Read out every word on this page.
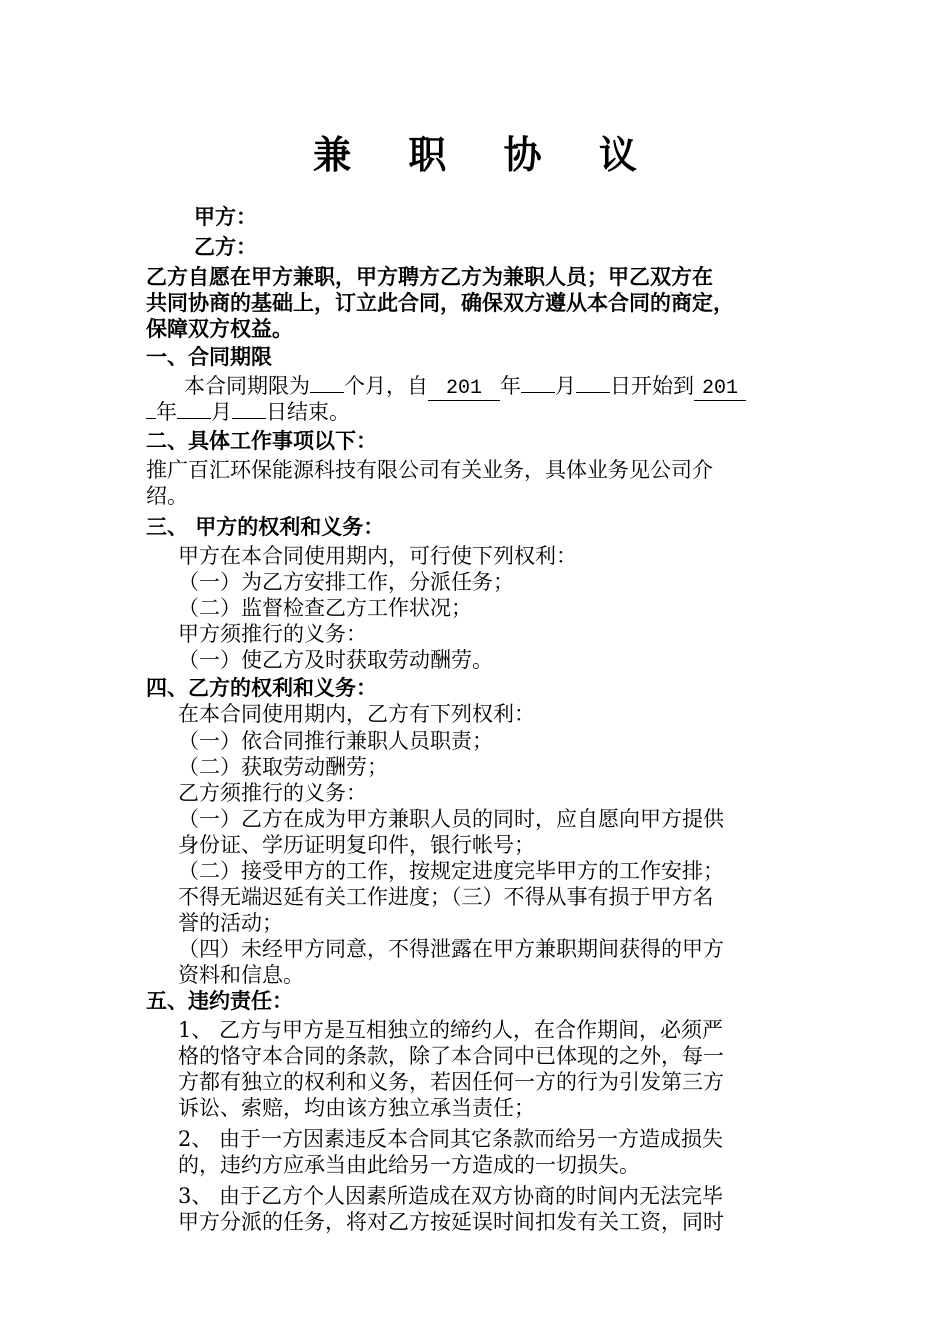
兼 职 协 议
甲方：
乙方：
乙方自愿在甲方兼职，甲方聘方乙方为兼职人员；甲乙双方在
共同协商的基础上，订立此合同，确保双方遵从本合同的商定，
保障双方权益。
一、合同期限
本合同期限为 个月，自 201 年 月 日开始到 201
年 月 日结束。
二、具体工作事项以下：
推广百汇环保能源科技有限公司有关业务，具体业务见公司介
绍。
三、 甲方的权利和义务：
甲方在本合同使用期内，可行使下列权利：
（一）为乙方安排工作，分派任务；
（二）监督检查乙方工作状况；
甲方须推行的义务：
（一）使乙方及时获取劳动酬劳。
四、乙方的权利和义务：
在本合同使用期内，乙方有下列权利：
（一）依合同推行兼职人员职责；
（二）获取劳动酬劳；
乙方须推行的义务：
（一）乙方在成为甲方兼职人员的同时，应自愿向甲方提供
身份证、学历证明复印件，银行帐号；
（二）接受甲方的工作，按规定进度完毕甲方的工作安排；
不得无端迟延有关工作进度；（三）不得从事有损于甲方名
誉的活动；
（四）未经甲方同意，不得泄露在甲方兼职期间获得的甲方
资料和信息。
五、违约责任：
1、 乙方与甲方是互相独立的缔约人，在合作期间，必须严
格的恪守本合同的条款，除了本合同中已体现的之外，每一
方都有独立的权利和义务，若因任何一方的行为引发第三方
诉讼、索赔，均由该方独立承当责任；
2、 由于一方因素违反本合同其它条款而给另一方造成损失
的，违约方应承当由此给另一方造成的一切损失。
3、 由于乙方个人因素所造成在双方协商的时间内无法完毕
甲方分派的任务，将对乙方按延误时间扣发有关工资，同时
